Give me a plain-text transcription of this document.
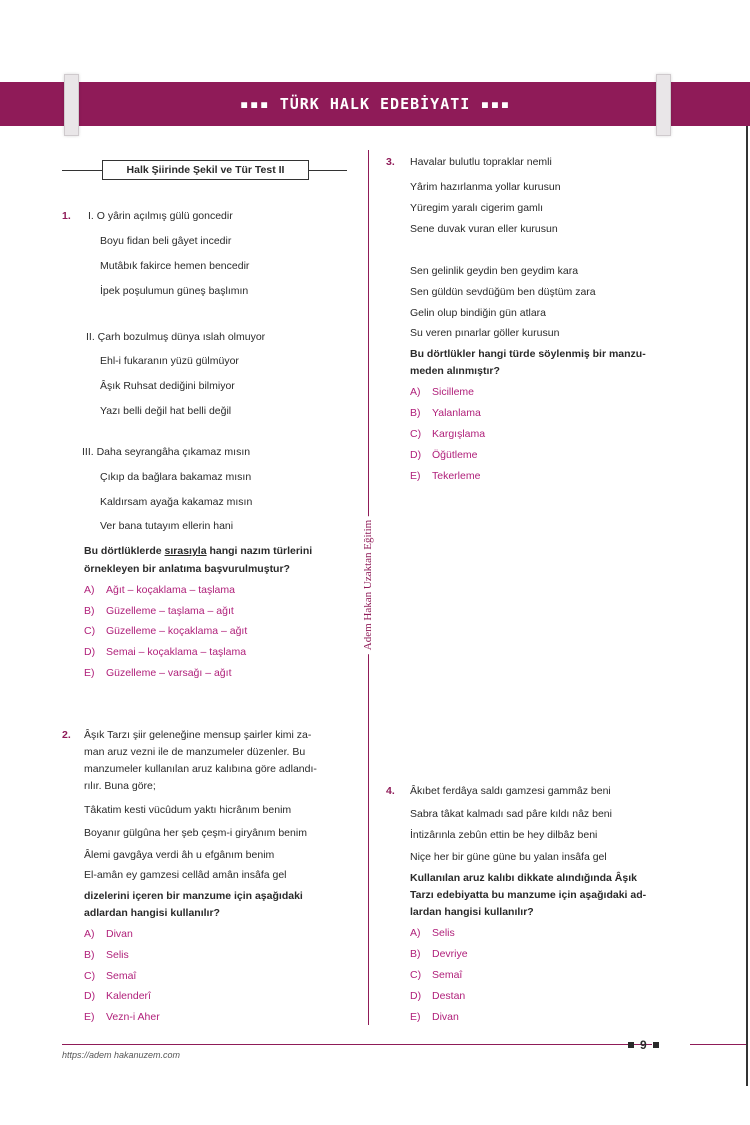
▪▪▪ TÜRK HALK EDEBİYATI ▪▪▪
Adem Hakan Uzaktan Eğitim
Halk Şiirinde Şekil ve Tür Test II
1. I. O yârin açılmış gülü goncedir
Boyu fidan beli gâyet incedir
Mutâbık fakirce hemen bencedir
İpek poşulumun güneş başlımın
II. Çarh bozulmuş dünya ıslah olmuyor
Ehl-i fukaranın yüzü gülmüyor
Âşık Ruhsat dediğini bilmiyor
Yazı belli değil hat belli değil
III. Daha seyrangâha çıkamaz mısın
Çıkıp da bağlara bakamaz mısın
Kaldırsam ayağa kakamaz mısın
Ver bana tutayım ellerin hani
Bu dörtlüklerde sırasıyla hangi nazım türlerini
örnekleyen bir anlatıma başvurulmuştur?
A) Ağıt – koçaklama – taşlama
B) Güzelleme – taşlama – ağıt
C) Güzelleme – koçaklama – ağıt
D) Semai – koçaklama – taşlama
E) Güzelleme – varsağı – ağıt
2. Âşık Tarzı şiir geleneğine mensup şairler kimi za-
man aruz vezni ile de manzumeler düzenler. Bu
manzumeler kullanılan aruz kalıbına göre adlandı-
rılır. Buna göre;
Tâkatim kesti vücûdum yaktı hicrânım benim
Boyanır gülgûna her şeb çeşm-i giryânım benim
Âlemi gavgâya verdi âh u efgânım benim
El-amân ey gamzesi cellâd amân insâfa gel
dizelerini içeren bir manzume için aşağıdaki
adlardan hangisi kullanılır?
A) Divan
B) Selis
C) Semaî
D) Kalenderî
E) Vezn-i Aher
3. Havalar bulutlu topraklar nemli
Yârim hazırlanma yollar kurusun
Yüregim yaralı cigerim gamlı
Sene duvak vuran eller kurusun
Sen gelinlik geydin ben geydim kara
Sen güldün sevdüğüm ben düştüm zara
Gelin olup bindiğin gün atlara
Su veren pınarlar göller kurusun
Bu dörtlükler hangi türde söylenmiş bir manzu-
meden alınmıştır?
A) Sicilleme
B) Yalanlama
C) Kargışlama
D) Öğütleme
E) Tekerleme
4. Âkıbet ferdâya saldı gamzesi gammâz beni
Sabra tâkat kalmadı sad pâre kıldı nâz beni
İntizârınla zebûn ettin be hey dilbâz beni
Niçe her bir güne güne bu yalan insâfa gel
Kullanılan aruz kalıbı dikkate alındığında Âşık
Tarzı edebiyatta bu manzume için aşağıdaki ad-
lardan hangisi kullanılır?
A) Selis
B) Devriye
C) Semaî
D) Destan
E) Divan
https://adem hakanuzem.com
9
